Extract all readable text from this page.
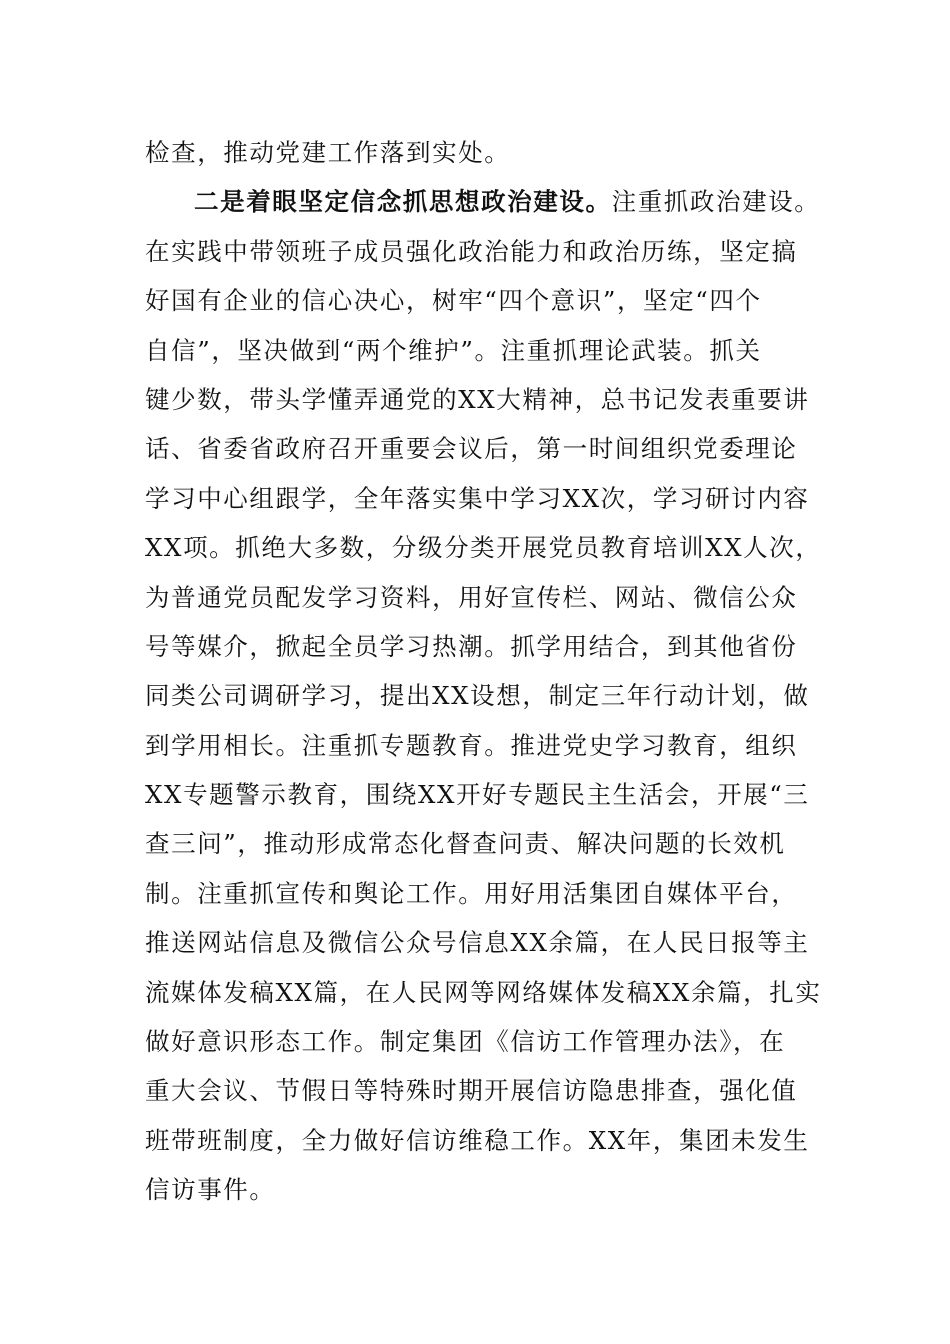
检查，推动党建工作落到实处。
二是着眼坚定信念抓思想政治建设。注重抓政治建设。
在实践中带领班子成员强化政治能力和政治历练，坚定搞
好国有企业的信心决心，树牢“四个意识”，坚定“四个
自信”，坚决做到“两个维护”。注重抓理论武装。抓关
键少数，带头学懂弄通党的XX大精神，总书记发表重要讲
话、省委省政府召开重要会议后，第一时间组织党委理论
学习中心组跟学，全年落实集中学习XX次，学习研讨内容
XX项。抓绝大多数，分级分类开展党员教育培训XX人次，
为普通党员配发学习资料，用好宣传栏、网站、微信公众
号等媒介，掀起全员学习热潮。抓学用结合，到其他省份
同类公司调研学习，提出XX设想，制定三年行动计划，做
到学用相长。注重抓专题教育。推进党史学习教育，组织
XX专题警示教育，围绕XX开好专题民主生活会，开展“三
查三问”，推动形成常态化督查问责、解决问题的长效机
制。注重抓宣传和舆论工作。用好用活集团自媒体平台，
推送网站信息及微信公众号信息XX余篇，在人民日报等主
流媒体发稿XX篇，在人民网等网络媒体发稿XX余篇，扎实
做好意识形态工作。制定集团《信访工作管理办法》，在
重大会议、节假日等特殊时期开展信访隐患排查，强化值
班带班制度，全力做好信访维稳工作。XX年，集团未发生
信访事件。
